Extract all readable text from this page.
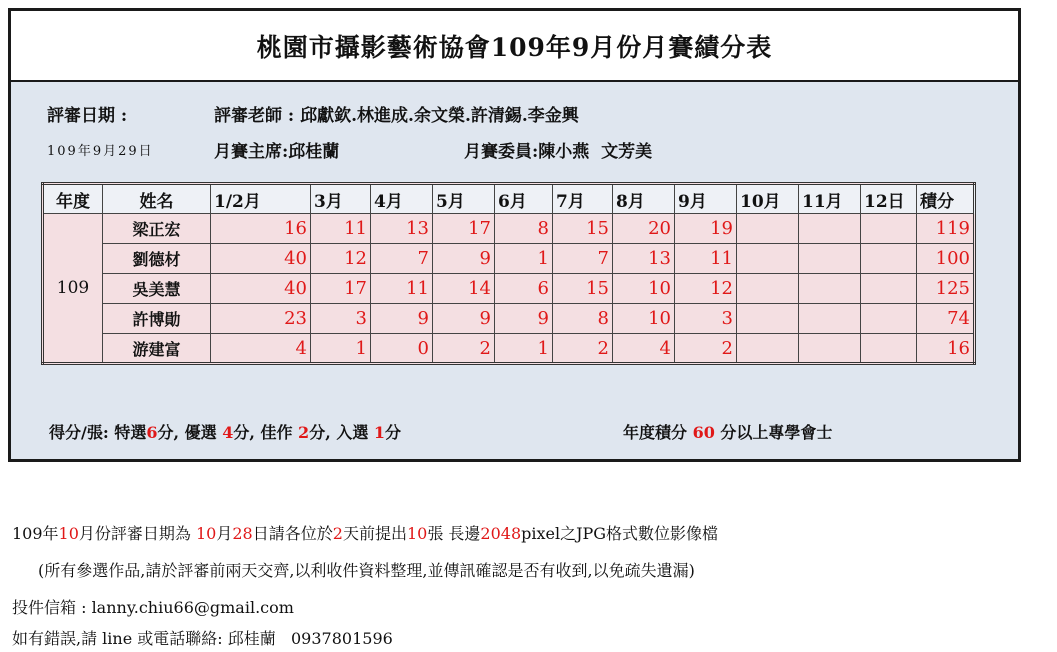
桃園市攝影藝術協會109年9月份月賽績分表
評審日期 :	評審老師 : 邱獻欽.林進成.余文榮.許清錫.李金興
109年9月29日	月賽主席:邱桂蘭	月賽委員:陳小燕  文芳美
年度	姓名	1/2月	3月	4月	5月	6月	7月	8月	9月	10月	11月	12日	積分
109	梁正宏	16	11	13	17	8	15	20	19				119
	劉德材	40	12	7	9	1	7	13	11				100
	吳美慧	40	17	11	14	6	15	10	12				125
	許博勛	23	3	9	9	9	8	10	3				74
	游建富	4	1	0	2	1	2	4	2				16
得分/張: 特選6分, 優選 4分, 佳作 2分, 入選 1分	年度積分 60 分以上專學會士
109年10月份評審日期為 10月28日請各位於2天前提出10張 長邊2048pixel之JPG格式數位影像檔
(所有參選作品,請於評審前兩天交齊,以利收件資料整理,並傳訊確認是否有收到,以免疏失遺漏)
投件信箱 : lanny.chiu66@gmail.com
如有錯誤,請 line 或電話聯絡: 邱桂蘭   0937801596
